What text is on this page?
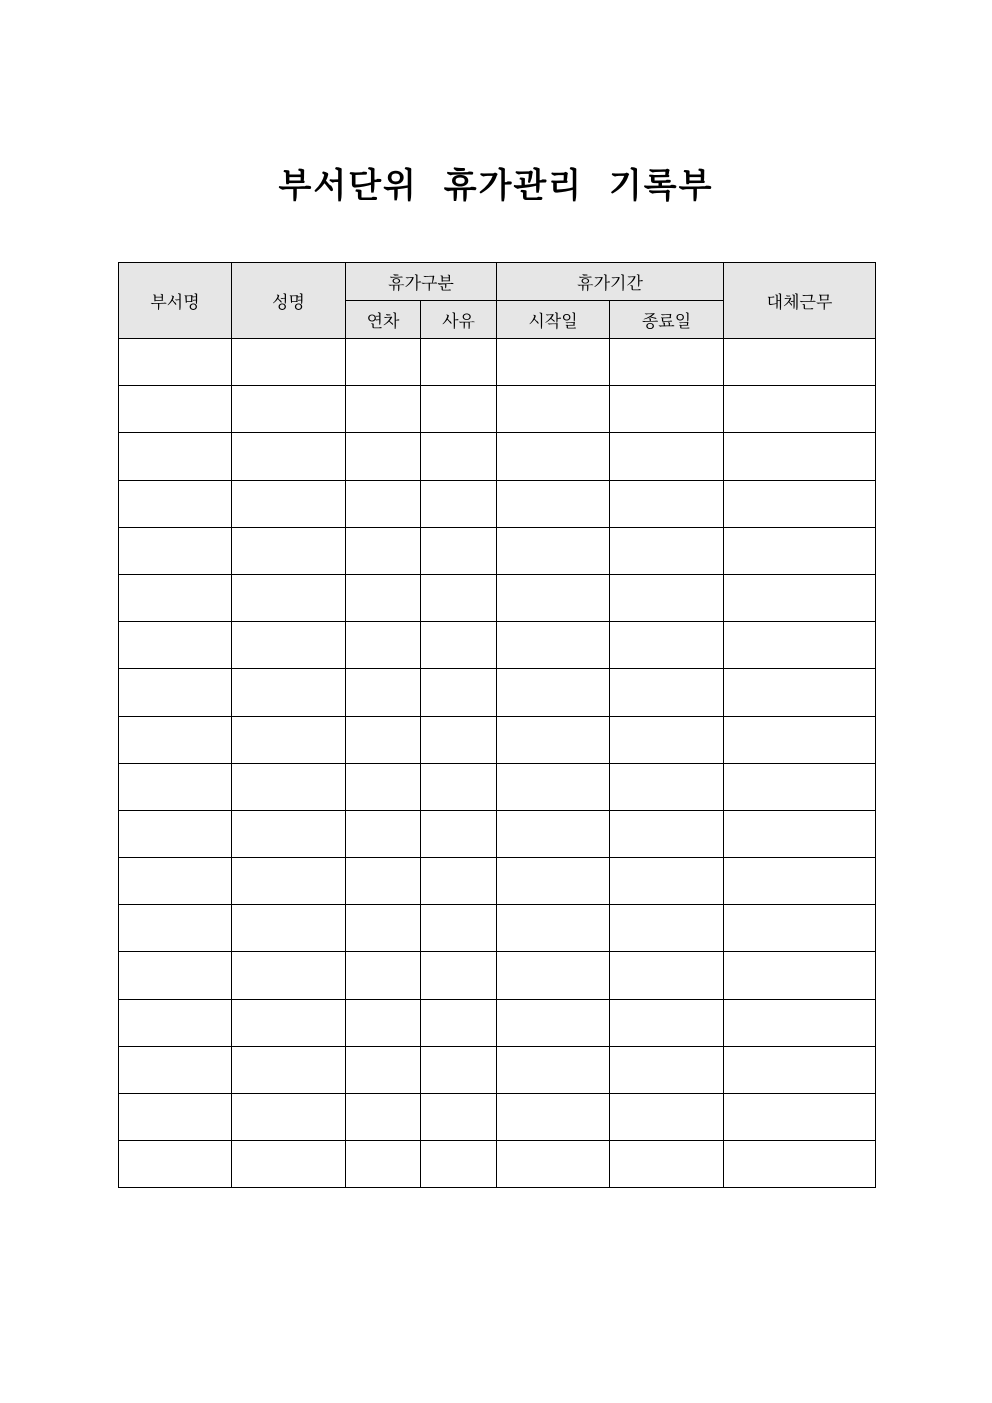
부서단위 휴가관리 기록부
부서명	성명	휴가구분		휴가기간		대체근무
		연차	사유	시작일	종료일	
